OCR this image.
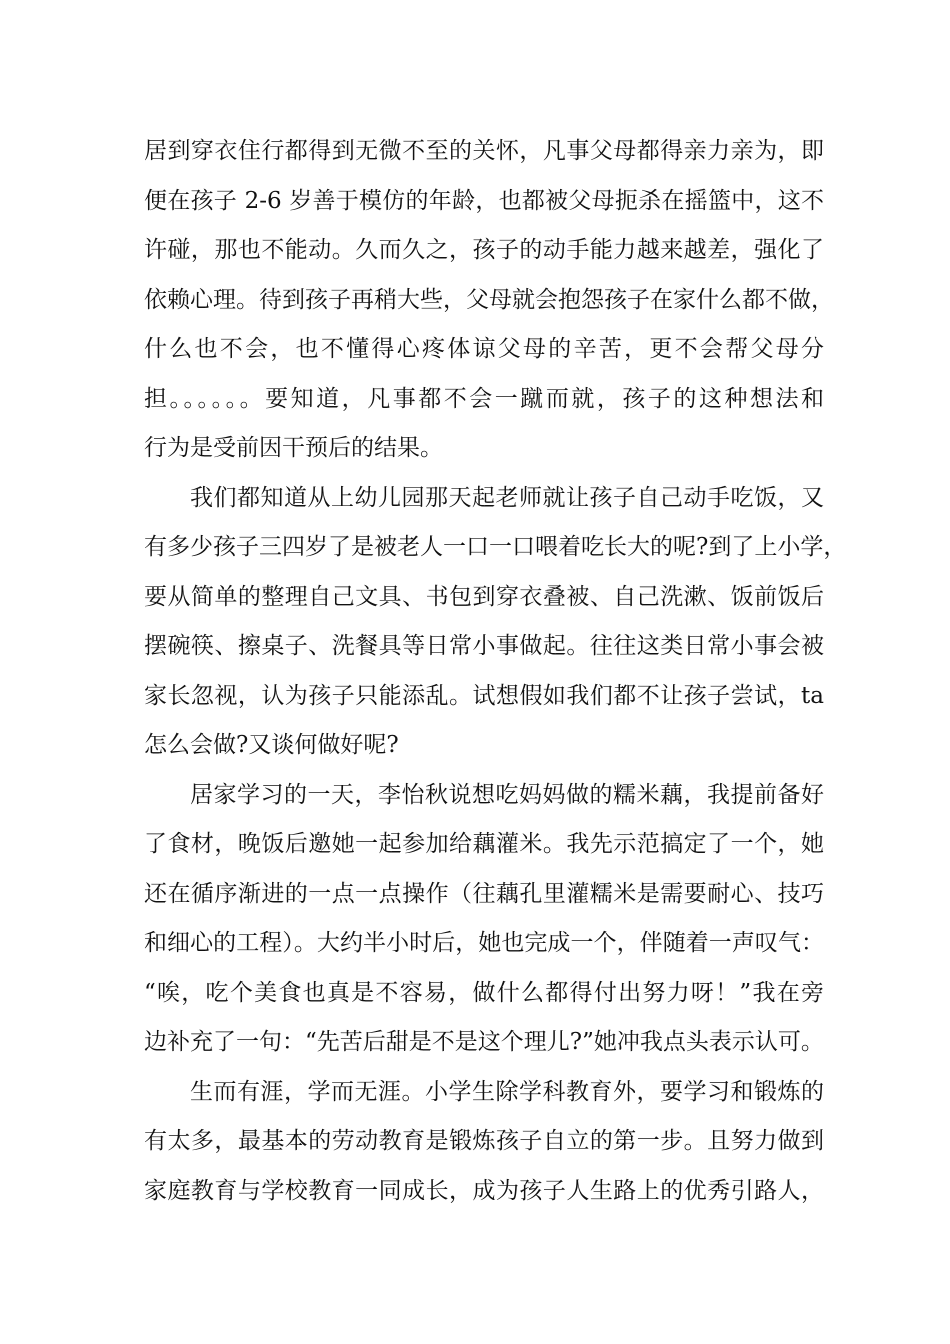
居到穿衣住行都得到无微不至的关怀，凡事父母都得亲力亲为，即
便在孩子 2-6 岁善于模仿的年龄，也都被父母扼杀在摇篮中，这不
许碰，那也不能动。久而久之，孩子的动手能力越来越差，强化了
依赖心理。待到孩子再稍大些，父母就会抱怨孩子在家什么都不做，
什么也不会，也不懂得心疼体谅父母的辛苦，更不会帮父母分
担。。。。。。要知道，凡事都不会一蹴而就，孩子的这种想法和
行为是受前因干预后的结果。
我们都知道从上幼儿园那天起老师就让孩子自己动手吃饭，又
有多少孩子三四岁了是被老人一口一口喂着吃长大的呢?到了上小学，
要从简单的整理自己文具、书包到穿衣叠被、自己洗漱、饭前饭后
摆碗筷、擦桌子、洗餐具等日常小事做起。往往这类日常小事会被
家长忽视，认为孩子只能添乱。试想假如我们都不让孩子尝试，ta
怎么会做?又谈何做好呢?
居家学习的一天，李怡秋说想吃妈妈做的糯米藕，我提前备好
了食材，晚饭后邀她一起参加给藕灌米。我先示范搞定了一个，她
还在循序渐进的一点一点操作（往藕孔里灌糯米是需要耐心、技巧
和细心的工程）。大约半小时后，她也完成一个，伴随着一声叹气：
“唉，吃个美食也真是不容易，做什么都得付出努力呀！”我在旁
边补充了一句：“先苦后甜是不是这个理儿?”她冲我点头表示认可。
生而有涯，学而无涯。小学生除学科教育外，要学习和锻炼的
有太多，最基本的劳动教育是锻炼孩子自立的第一步。且努力做到
家庭教育与学校教育一同成长，成为孩子人生路上的优秀引路人，
